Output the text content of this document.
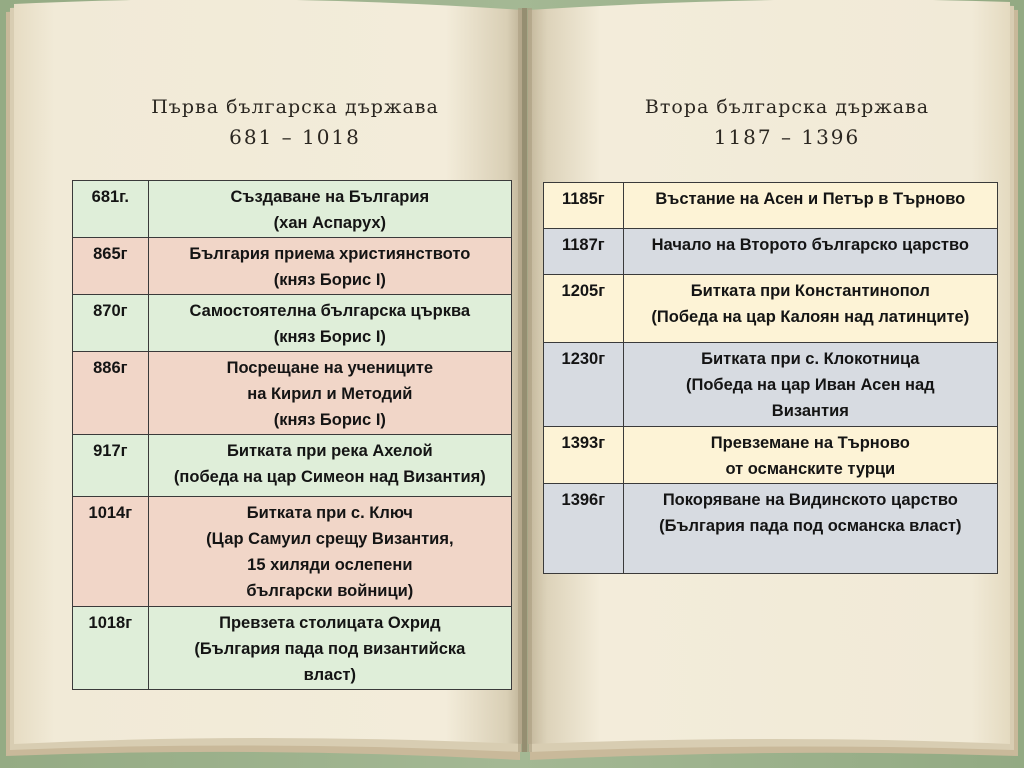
Първа българска държава
681 – 1018
Втора българска държава
1187 – 1396
681г.	Създаване на България
(хан Аспарух)

865г	България приема християнството
(княз Борис I)

870г	Самостоятелна българска църква
(княз Борис I)

886г	Посрещане на учениците
на Кирил и Методий
(княз Борис I)

917г	Битката при река Ахелой
(победа на цар Симеон над Византия)

1014г	Битката при с. Ключ
(Цар Самуил срещу Византия,
15 хиляди ослепени
български войници)

1018г	Превзета столицата Охрид
(България пада под византийска
власт)
1185г	Въстание на Асен и Петър в Търново

1187г	Начало на Второто българско царство

1205г	Битката при Константинопол
(Победа на цар Калоян над латинците)

1230г	Битката при с. Клокотница
(Победа на цар Иван Асен над
Византия

1393г	Превземане на Търново
от османските турци

1396г	Покоряване на Видинското царство
(България пада под османска власт)
